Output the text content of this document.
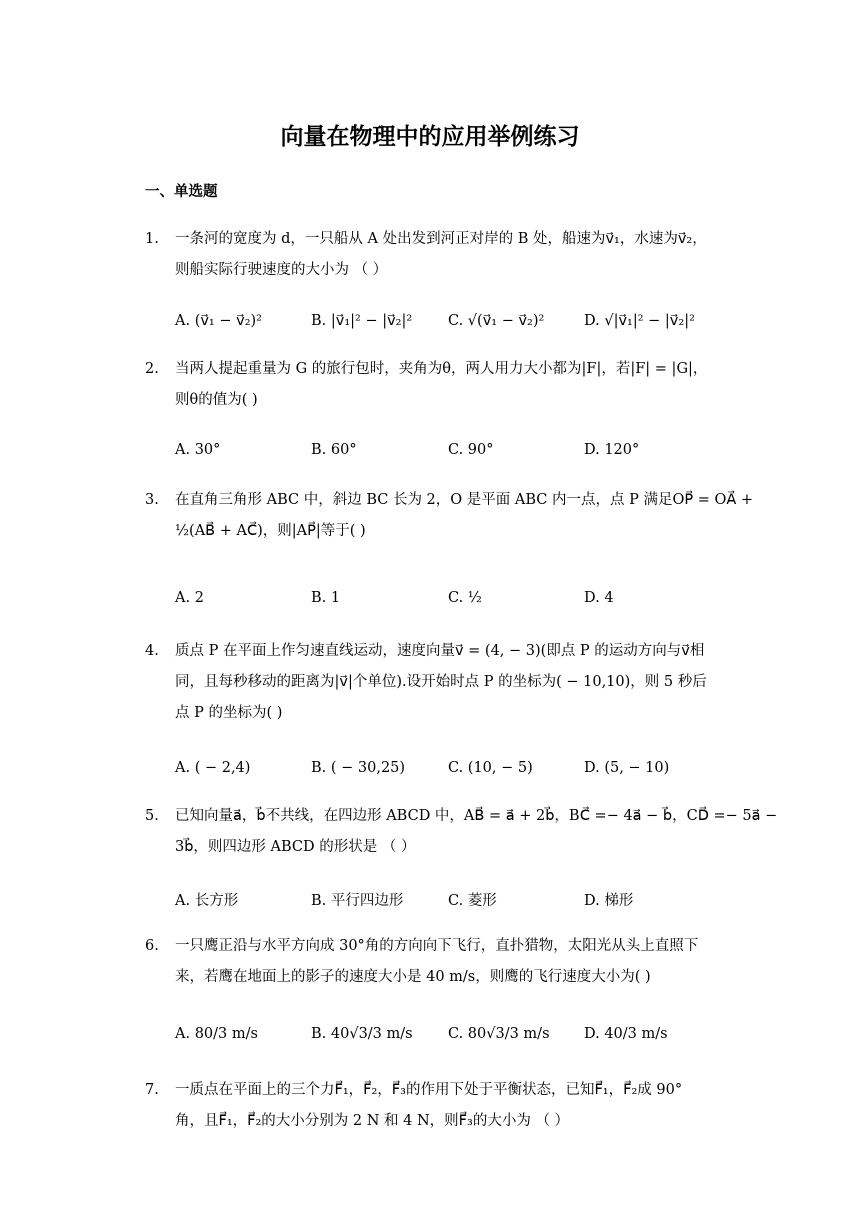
向量在物理中的应用举例练习
一、单选题
1. 一条河的宽度为 d，一只船从 A 处出发到河正对岸的 B 处，船速为v⃗₁，水速为v⃗₂，

则船实际行驶速度的大小为 （ ）

A. (v⃗₁ − v⃗₂)²	B. |v⃗₁|² − |v⃗₂|² C. √(v⃗₁ − v⃗₂)²	D. √|v⃗₁|² − |v⃗₂|²
2. 当两人提起重量为 G 的旅行包时，夹角为θ，两人用力大小都为|F|，若|F| = |G|，

则θ的值为( )

A. 30°	B. 60°	C. 90°	D. 120°
3. 在直角三角形 ABC 中，斜边 BC 长为 2，O 是平面 ABC 内一点，点 P 满足OP⃗ = OA⃗ +

½(AB⃗ + AC⃗)，则|AP⃗|等于( )

A. 2	B. 1	C. ½	D. 4
4. 质点 P 在平面上作匀速直线运动，速度向量v⃗ = (4, − 3)(即点 P 的运动方向与v⃗相

同，且每秒移动的距离为|v⃗|个单位).设开始时点 P 的坐标为( − 10,10)，则 5 秒后

点 P 的坐标为( )

A. ( − 2,4)	B. ( − 30,25)	C. (10, − 5)	D. (5, − 10)
5. 已知向量a⃗，b⃗不共线，在四边形 ABCD 中，AB⃗ = a⃗ + 2b⃗，BC⃗ =− 4a⃗ − b⃗，CD⃗ =− 5a⃗ −

3b⃗，则四边形 ABCD 的形状是 （ ）

A. 长方形	B. 平行四边形	C. 菱形	D. 梯形
6. 一只鹰正沿与水平方向成 30°角的方向向下飞行，直扑猎物，太阳光从头上直照下

来，若鹰在地面上的影子的速度大小是 40 m/s，则鹰的飞行速度大小为( )

A. 80/3 m/s	B. 40√3/3 m/s C. 80√3/3 m/s D. 40/3 m/s
7. 一质点在平面上的三个力F⃗₁，F⃗₂，F⃗₃的作用下处于平衡状态，已知F⃗₁，F⃗₂成 90°

角，且F⃗₁，F⃗₂的大小分别为 2 N 和 4 N，则F⃗₃的大小为 （ ）
